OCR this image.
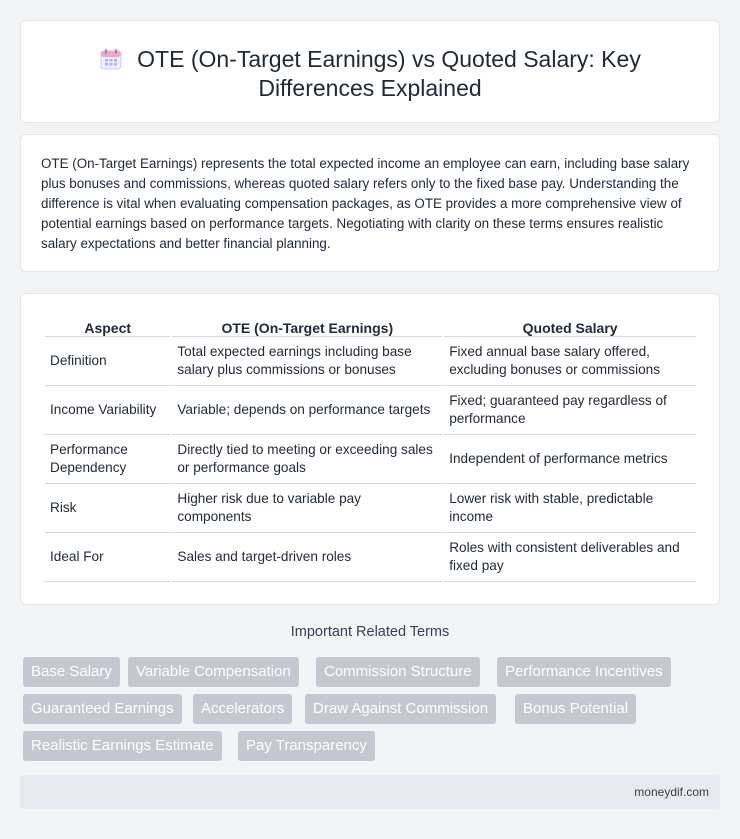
OTE (On-Target Earnings) vs Quoted Salary: Key
Differences Explained

OTE (On-Target Earnings) represents the total expected income an employee can earn, including base salary plus bonuses and commissions, whereas quoted salary refers only to the fixed base pay. Understanding the difference is vital when evaluating compensation packages, as OTE provides a more comprehensive view of potential earnings based on performance targets. Negotiating with clarity on these terms ensures realistic salary expectations and better financial planning.

Aspect	OTE (On-Target Earnings)	Quoted Salary
Definition	Total expected earnings including base salary plus commissions or bonuses	Fixed annual base salary offered, excluding bonuses or commissions
Income Variability	Variable; depends on performance targets	Fixed; guaranteed pay regardless of performance
Performance Dependency	Directly tied to meeting or exceeding sales or performance goals	Independent of performance metrics
Risk	Higher risk due to variable pay components	Lower risk with stable, predictable income
Ideal For	Sales and target-driven roles	Roles with consistent deliverables and fixed pay
Important Related Terms
Base Salary	Variable Compensation	Commission Structure	Performance Incentives
Guaranteed Earnings	Accelerators	Draw Against Commission	Bonus Potential
Realistic Earnings Estimate	Pay Transparency
moneydif.com
